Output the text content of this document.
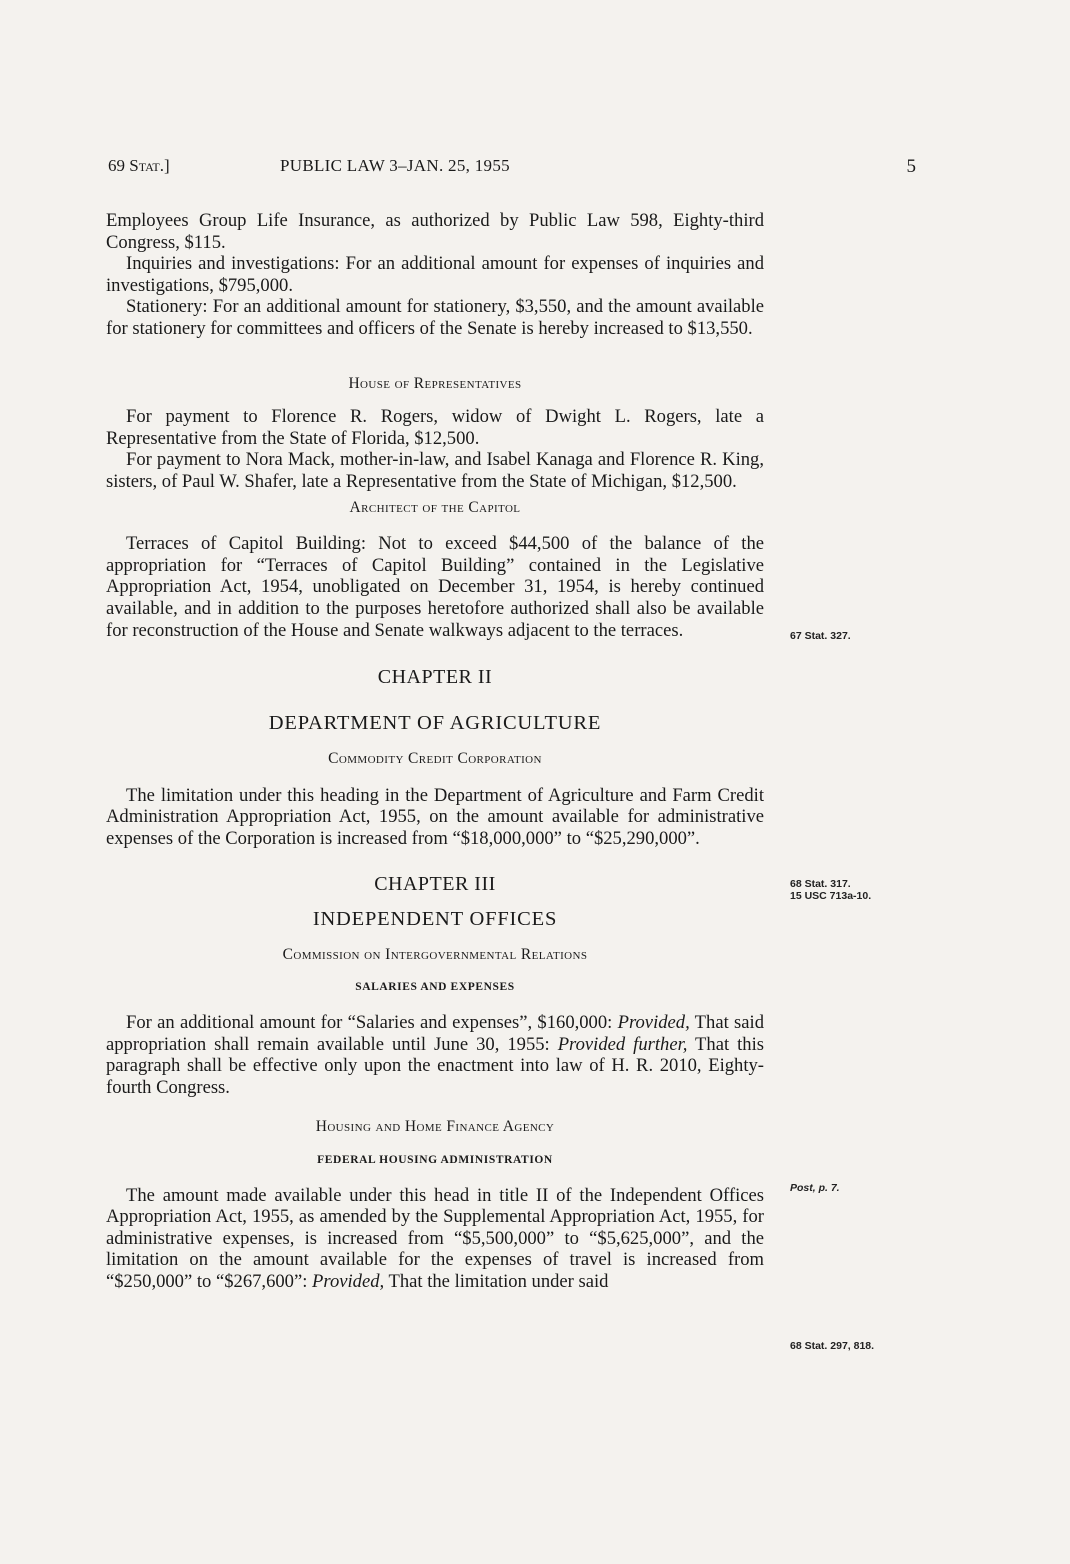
69 Stat.]	PUBLIC LAW 3–JAN. 25, 1955	5

Employees Group Life Insurance, as authorized by Public Law 598, Eighty-third Congress, $115.

Inquiries and investigations: For an additional amount for expenses of inquiries and investigations, $795,000.

Stationery: For an additional amount for stationery, $3,550, and the amount available for stationery for committees and officers of the Senate is hereby increased to $13,550.

House of Representatives

For payment to Florence R. Rogers, widow of Dwight L. Rogers, late a Representative from the State of Florida, $12,500.

For payment to Nora Mack, mother-in-law, and Isabel Kanaga and Florence R. King, sisters, of Paul W. Shafer, late a Representative from the State of Michigan, $12,500.

Architect of the Capitol

Terraces of Capitol Building: Not to exceed $44,500 of the balance of the appropriation for “Terraces of Capitol Building” contained in the Legislative Appropriation Act, 1954, unobligated on December 31, 1954, is hereby continued available, and in addition to the purposes heretofore authorized shall also be available for reconstruction of the House and Senate walkways adjacent to the terraces.

CHAPTER II

DEPARTMENT OF AGRICULTURE

Commodity Credit Corporation

The limitation under this heading in the Department of Agriculture and Farm Credit Administration Appropriation Act, 1955, on the amount available for administrative expenses of the Corporation is increased from “$18,000,000” to “$25,290,000”.

CHAPTER III

INDEPENDENT OFFICES

Commission on Intergovernmental Relations

SALARIES AND EXPENSES

For an additional amount for “Salaries and expenses”, $160,000: Provided, That said appropriation shall remain available until June 30, 1955: Provided further, That this paragraph shall be effective only upon the enactment into law of H. R. 2010, Eighty-fourth Congress.

Housing and Home Finance Agency

FEDERAL HOUSING ADMINISTRATION

The amount made available under this head in title II of the Independent Offices Appropriation Act, 1955, as amended by the Supplemental Appropriation Act, 1955, for administrative expenses, is increased from “$5,500,000” to “$5,625,000”, and the limitation on the amount available for the expenses of travel is increased from “$250,000” to “$267,600”: Provided, That the limitation under said

67 Stat. 327.
68 Stat. 317.
15 USC 713a-10.
Post, p. 7.
68 Stat. 297, 818.
